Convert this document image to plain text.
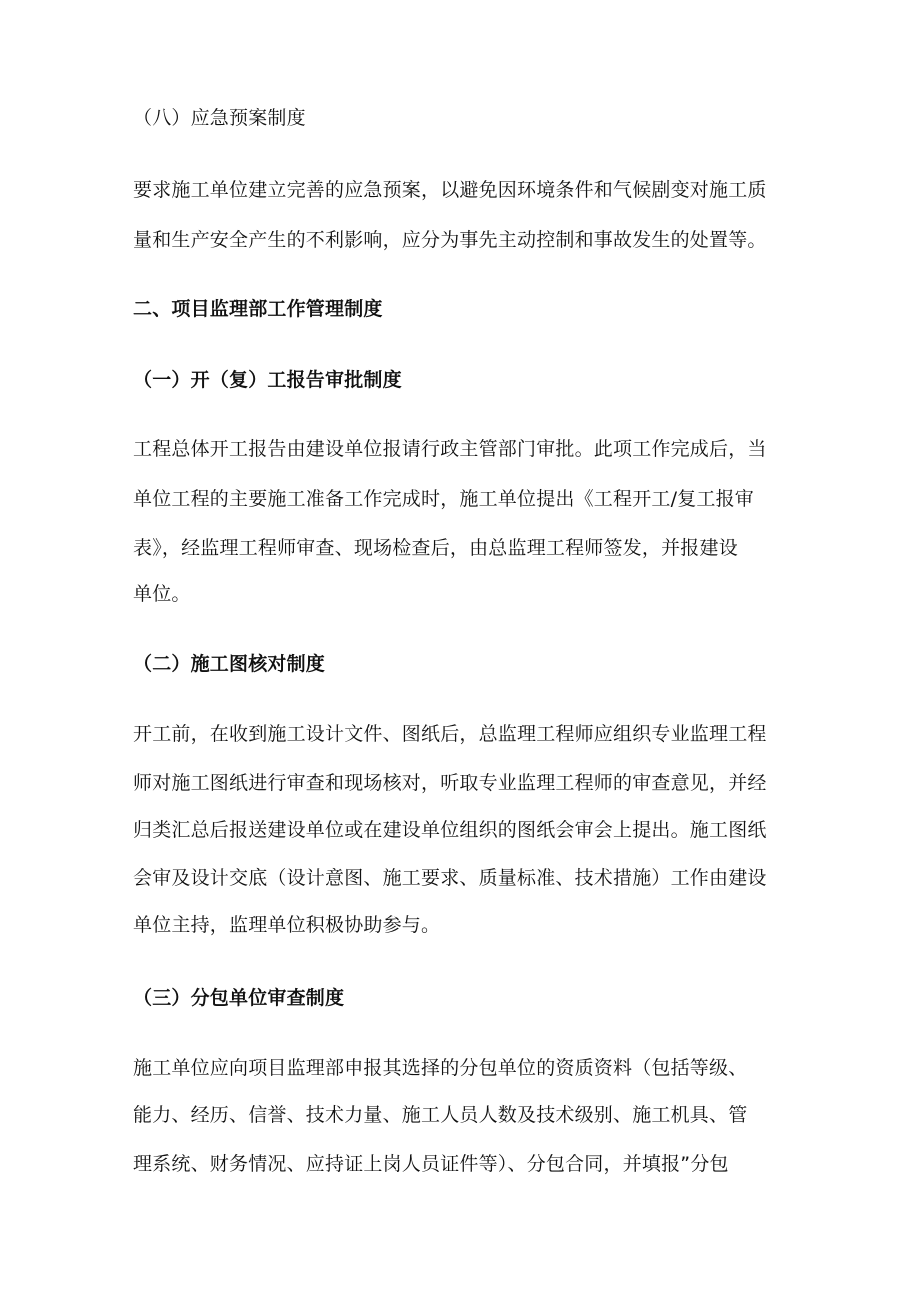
（八）应急预案制度
要求施工单位建立完善的应急预案，以避免因环境条件和气候剧变对施工质
量和生产安全产生的不利影响，应分为事先主动控制和事故发生的处置等。
二、项目监理部工作管理制度
（一）开（复）工报告审批制度
工程总体开工报告由建设单位报请行政主管部门审批。此项工作完成后，当
单位工程的主要施工准备工作完成时，施工单位提出《工程开工/复工报审
表》，经监理工程师审查、现场检查后，由总监理工程师签发，并报建设
单位。
（二）施工图核对制度
开工前，在收到施工设计文件、图纸后，总监理工程师应组织专业监理工程
师对施工图纸进行审查和现场核对，听取专业监理工程师的审查意见，并经
归类汇总后报送建设单位或在建设单位组织的图纸会审会上提出。施工图纸
会审及设计交底（设计意图、施工要求、质量标准、技术措施）工作由建设
单位主持，监理单位积极协助参与。
（三）分包单位审查制度
施工单位应向项目监理部申报其选择的分包单位的资质资料（包括等级、
能力、经历、信誉、技术力量、施工人员人数及技术级别、施工机具、管
理系统、财务情况、应持证上岗人员证件等）、分包合同，并填报”分包
